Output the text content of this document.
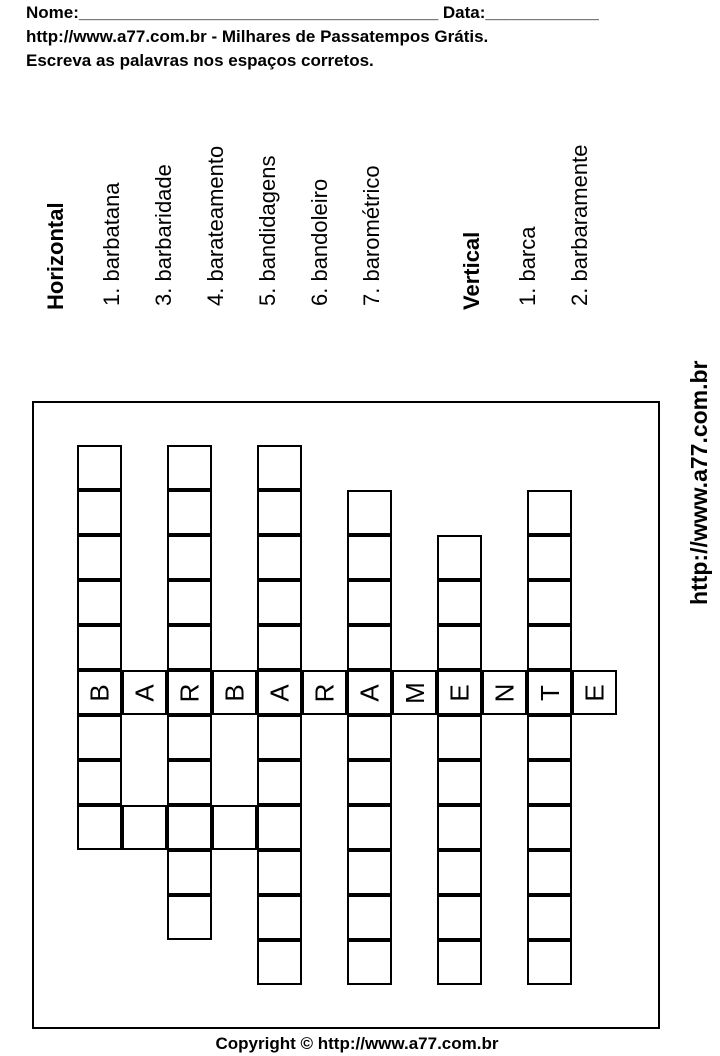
Nome:______________________________________ Data:____________

http://www.a77.com.br - Milhares de Passatempos Grátis.

Escreva as palavras nos espaços corretos.

Horizontal	1. barbatana	3. barbaridade	4. barateamento	5. bandidagens	6. bandoleiro	7. barométrico	Vertical	1. barca	2. barbaramente
B R A A E T
A B R M N E
http://www.a77.com.br

Copyright © http://www.a77.com.br
